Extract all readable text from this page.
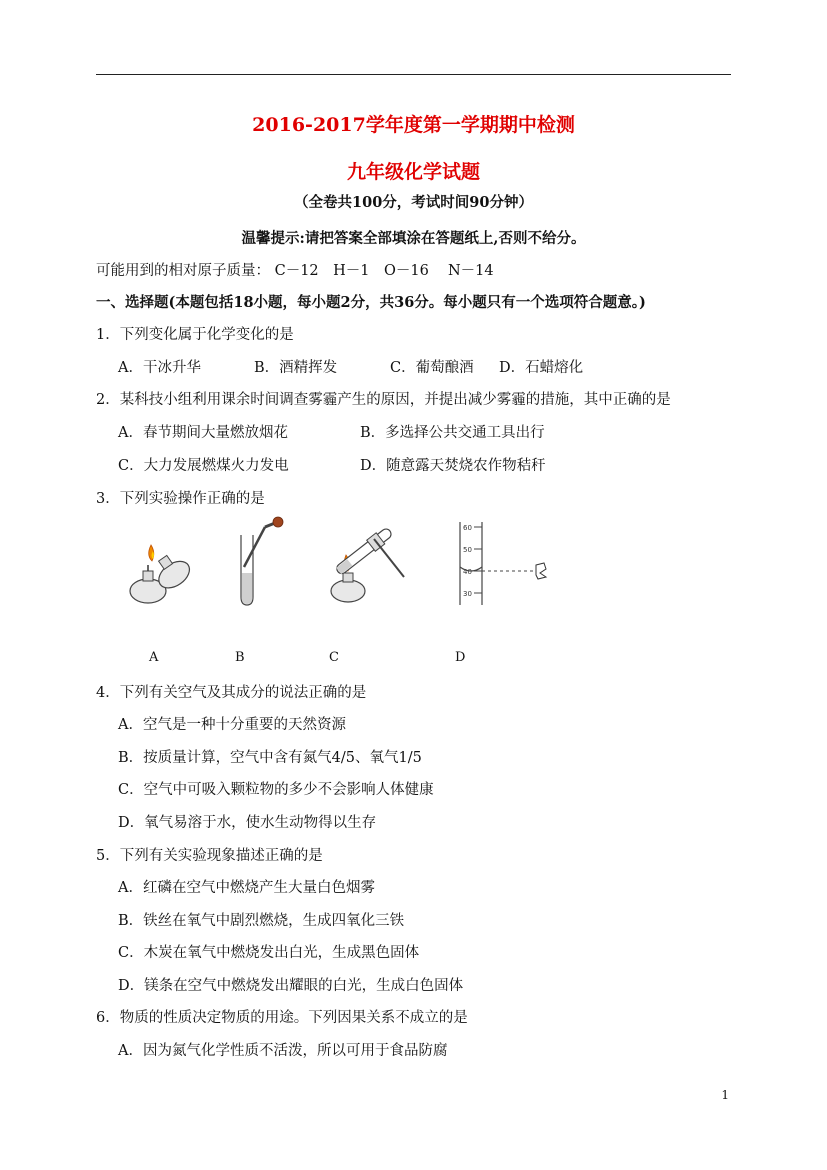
2016-2017学年度第一学期期中检测
九年级化学试题
（全卷共100分，考试时间90分钟）
温馨提示:请把答案全部填涂在答题纸上,否则不给分。
可能用到的相对原子质量： C－12　H－1　O－16　 N－14
一、选择题(本题包括18小题，每小题2分，共36分。每小题只有一个选项符合题意。)
1．下列变化属于化学变化的是
A．干冰升华	B．酒精挥发	C．葡萄酿酒 D．石蜡熔化
2．某科技小组利用课余时间调查雾霾产生的原因，并提出减少雾霾的措施，其中正确的是
A．春节期间大量燃放烟花	B．多选择公共交通工具出行
C．大力发展燃煤火力发电	D．随意露天焚烧农作物秸秆
3．下列实验操作正确的是
60
50
40
30
A	B	C	D
4．下列有关空气及其成分的说法正确的是
A．空气是一种十分重要的天然资源
B．按质量计算，空气中含有氮气4/5、氧气1/5
C．空气中可吸入颗粒物的多少不会影响人体健康
D．氧气易溶于水，使水生动物得以生存
5．下列有关实验现象描述正确的是
A．红磷在空气中燃烧产生大量白色烟雾
B．铁丝在氧气中剧烈燃烧，生成四氧化三铁
C．木炭在氧气中燃烧发出白光，生成黑色固体
D．镁条在空气中燃烧发出耀眼的白光，生成白色固体
6．物质的性质决定物质的用途。下列因果关系不成立的是
A．因为氮气化学性质不活泼，所以可用于食品防腐
1
